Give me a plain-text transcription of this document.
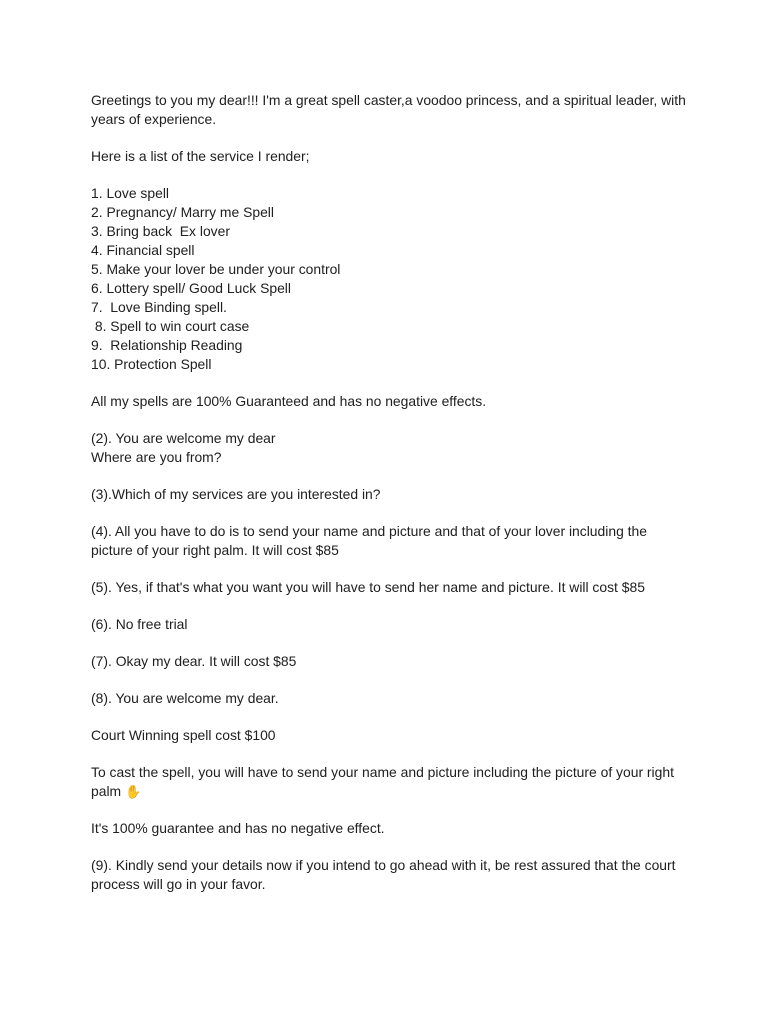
Greetings to you my dear!!! I'm a great spell caster,a voodoo princess, and a spiritual leader, with years of experience.

Here is a list of the service I render;

1. Love spell
2. Pregnancy/ Marry me Spell
3. Bring back  Ex lover
4. Financial spell
5. Make your lover be under your control
6. Lottery spell/ Good Luck Spell
7.  Love Binding spell.
8. Spell to win court case
9.  Relationship Reading
10. Protection Spell

All my spells are 100% Guaranteed and has no negative effects.

(2). You are welcome my dear
Where are you from?

(3).Which of my services are you interested in?

(4). All you have to do is to send your name and picture and that of your lover including the picture of your right palm. It will cost $85

(5). Yes, if that's what you want you will have to send her name and picture. It will cost $85

(6). No free trial

(7). Okay my dear. It will cost $85

(8). You are welcome my dear.

Court Winning spell cost $100

To cast the spell, you will have to send your name and picture including the picture of your right palm ✋

It's 100% guarantee and has no negative effect.

(9). Kindly send your details now if you intend to go ahead with it, be rest assured that the court process will go in your favor.
